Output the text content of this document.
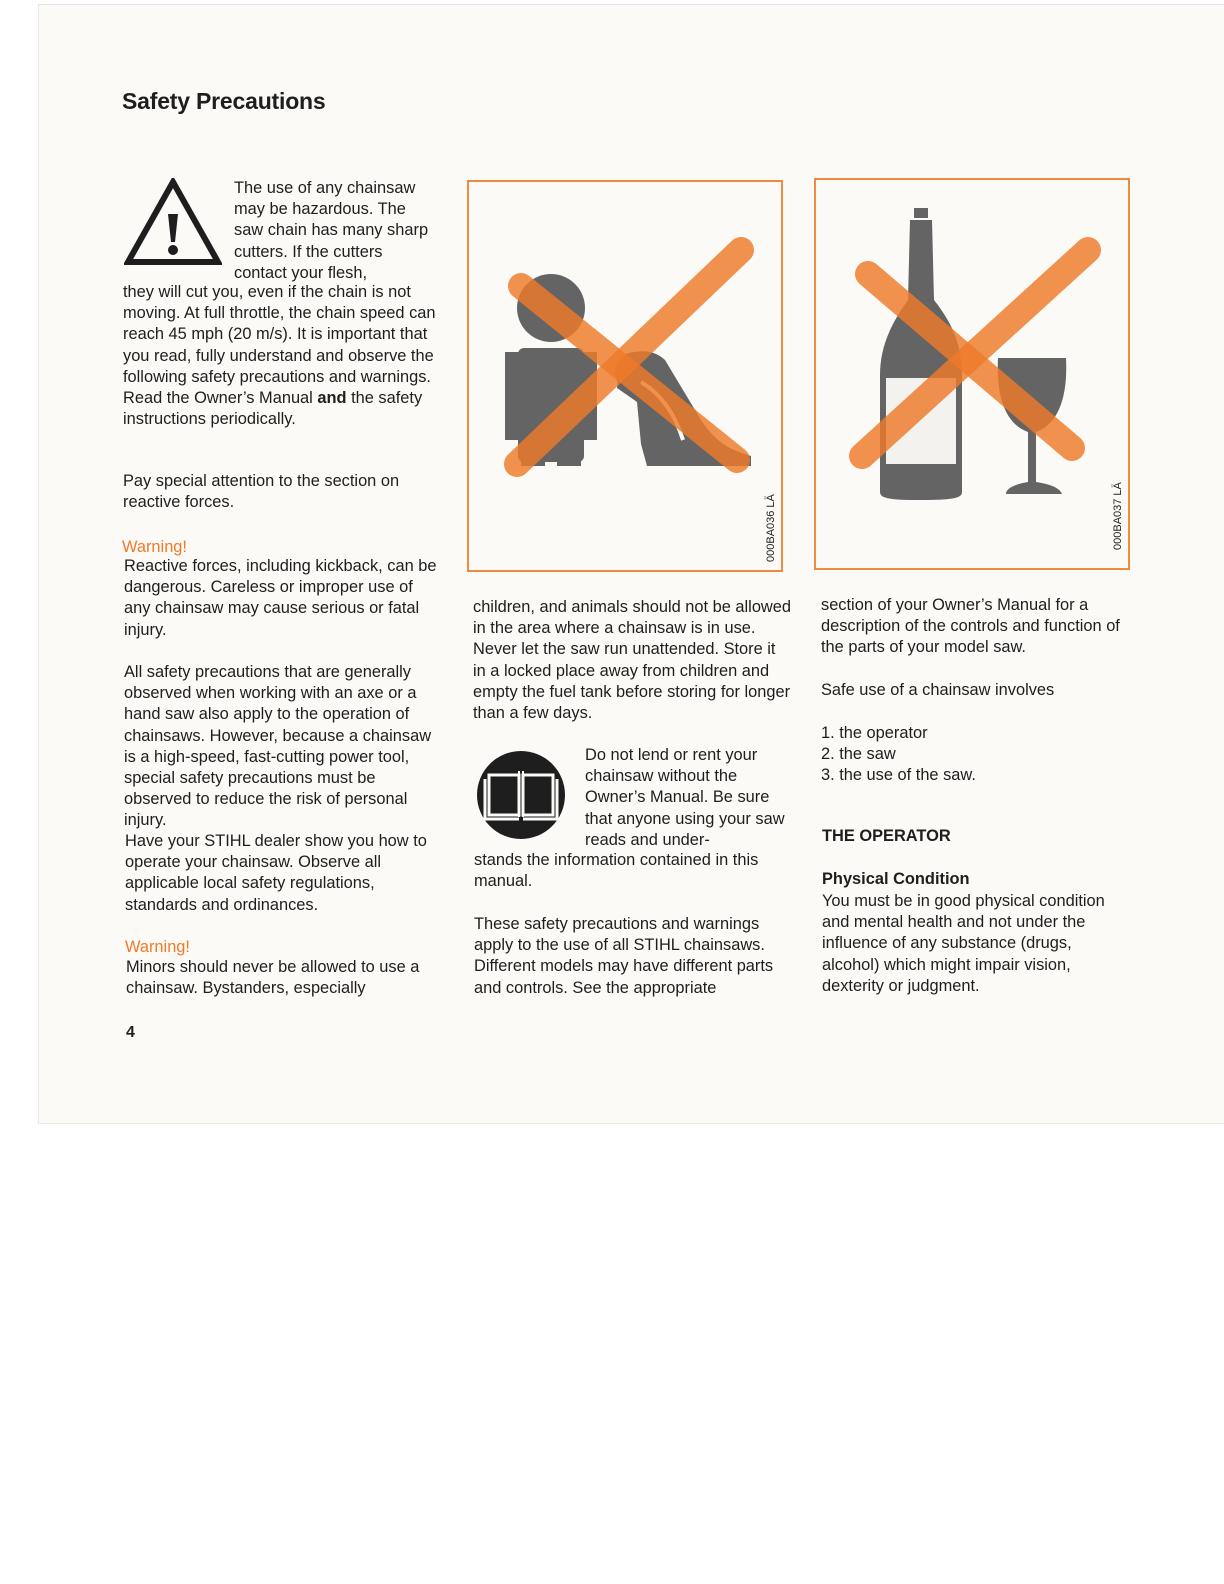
Safety Precautions

The use of any chainsaw may be hazardous. The saw chain has many sharp cutters. If the cutters contact your flesh,

they will cut you, even if the chain is not moving. At full throttle, the chain speed can reach 45 mph (20 m/s). It is important that you read, fully understand and observe the following safety precautions and warnings. Read the Owner’s Manual and the safety instructions periodically.

Pay special attention to the section on reactive forces.

Warning!

Reactive forces, including kickback, can be dangerous. Careless or improper use of any chainsaw may cause serious or fatal injury.

All safety precautions that are generally observed when working with an axe or a hand saw also apply to the operation of chainsaws. However, because a chainsaw is a high-speed, fast-cutting power tool, special safety precautions must be observed to reduce the risk of personal injury.

Have your STIHL dealer show you how to operate your chainsaw. Observe all applicable local safety regulations, standards and ordinances.

Warning!

Minors should never be allowed to use a chainsaw. Bystanders, especially

4

000BA036 LÄ

children, and animals should not be allowed in the area where a chainsaw is in use. Never let the saw run unattended. Store it in a locked place away from children and empty the fuel tank before storing for longer than a few days.

Do not lend or rent your chainsaw without the Owner’s Manual. Be sure that anyone using your saw reads and under-

stands the information contained in this manual.

These safety precautions and warnings apply to the use of all STIHL chainsaws. Different models may have different parts and controls. See the appropriate

000BA037 LÄ

section of your Owner’s Manual for a description of the controls and function of the parts of your model saw.

Safe use of a chainsaw involves

1. the operator
2. the saw
3. the use of the saw.

THE OPERATOR

Physical Condition

You must be in good physical condition and mental health and not under the influence of any substance (drugs, alcohol) which might impair vision, dexterity or judgment.
